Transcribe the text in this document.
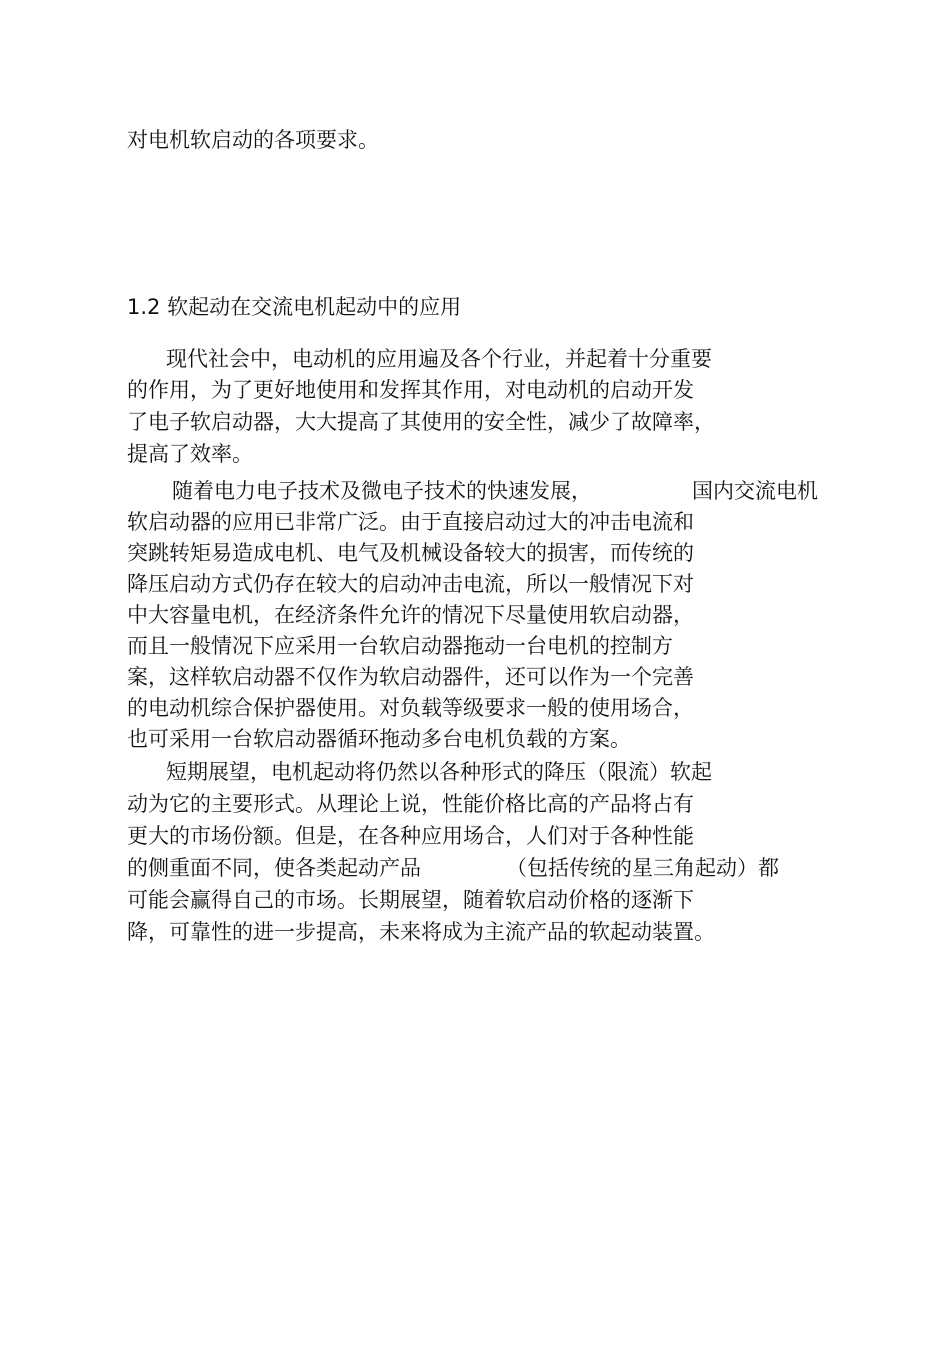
对电机软启动的各项要求。

1.2 软起动在交流电机起动中的应用

现代社会中，电动机的应用遍及各个行业，并起着十分重要

的作用，为了更好地使用和发挥其作用，对电动机的启动开发

了电子软启动器，大大提高了其使用的安全性，减少了故障率，

提高了效率。

随着电力电子技术及微电子技术的快速发展，	国内交流电机

软启动器的应用已非常广泛。由于直接启动过大的冲击电流和

突跳转矩易造成电机、电气及机械设备较大的损害，而传统的

降压启动方式仍存在较大的启动冲击电流，所以一般情况下对

中大容量电机，在经济条件允许的情况下尽量使用软启动器，

而且一般情况下应采用一台软启动器拖动一台电机的控制方

案，这样软启动器不仅作为软启动器件，还可以作为一个完善

的电动机综合保护器使用。对负载等级要求一般的使用场合，

也可采用一台软启动器循环拖动多台电机负载的方案。

短期展望，电机起动将仍然以各种形式的降压（限流）软起

动为它的主要形式。从理论上说，性能价格比高的产品将占有

更大的市场份额。但是，在各种应用场合，人们对于各种性能

的侧重面不同，使各类起动产品	（包括传统的星三角起动）都

可能会赢得自己的市场。长期展望，随着软启动价格的逐渐下

降，可靠性的进一步提高，未来将成为主流产品的软起动装置。
